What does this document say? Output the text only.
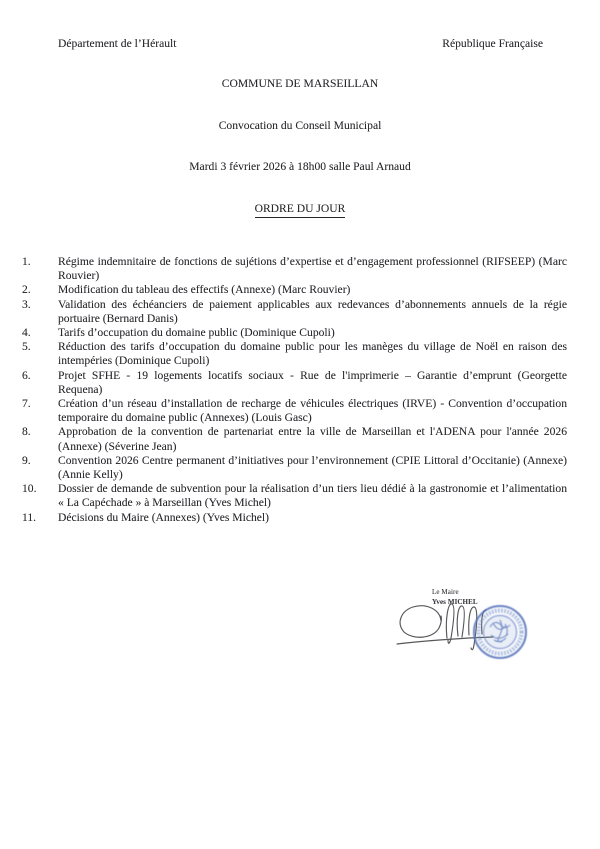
Département de l’Hérault	République Française
COMMUNE DE MARSEILLAN
Convocation du Conseil Municipal
Mardi 3 février 2026 à 18h00 salle Paul Arnaud
ORDRE DU JOUR
1. Régime indemnitaire de fonctions de sujétions d’expertise et d’engagement professionnel (RIFSEEP) (Marc Rouvier)
2. Modification du tableau des effectifs (Annexe) (Marc Rouvier)
3. Validation des échéanciers de paiement applicables aux redevances d’abonnements annuels de la régie portuaire (Bernard Danis)
4. Tarifs d’occupation du domaine public (Dominique Cupoli)
5. Réduction des tarifs d’occupation du domaine public pour les manèges du village de Noël en raison des intempéries (Dominique Cupoli)
6. Projet SFHE - 19 logements locatifs sociaux - Rue de l'imprimerie – Garantie d’emprunt (Georgette Requena)
7. Création d’un réseau d’installation de recharge de véhicules électriques (IRVE) - Convention d’occupation temporaire du domaine public (Annexes) (Louis Gasc)
8. Approbation de la convention de partenariat entre la ville de Marseillan et l'ADENA pour l'année 2026 (Annexe) (Séverine Jean)
9. Convention 2026 Centre permanent d’initiatives pour l’environnement (CPIE Littoral d’Occitanie) (Annexe) (Annie Kelly)
10. Dossier de demande de subvention pour la réalisation d’un tiers lieu dédié à la gastronomie et l’alimentation « La Capéchade » à Marseillan (Yves Michel)
11. Décisions du Maire (Annexes) (Yves Michel)
Le Maire
Yves MICHEL
